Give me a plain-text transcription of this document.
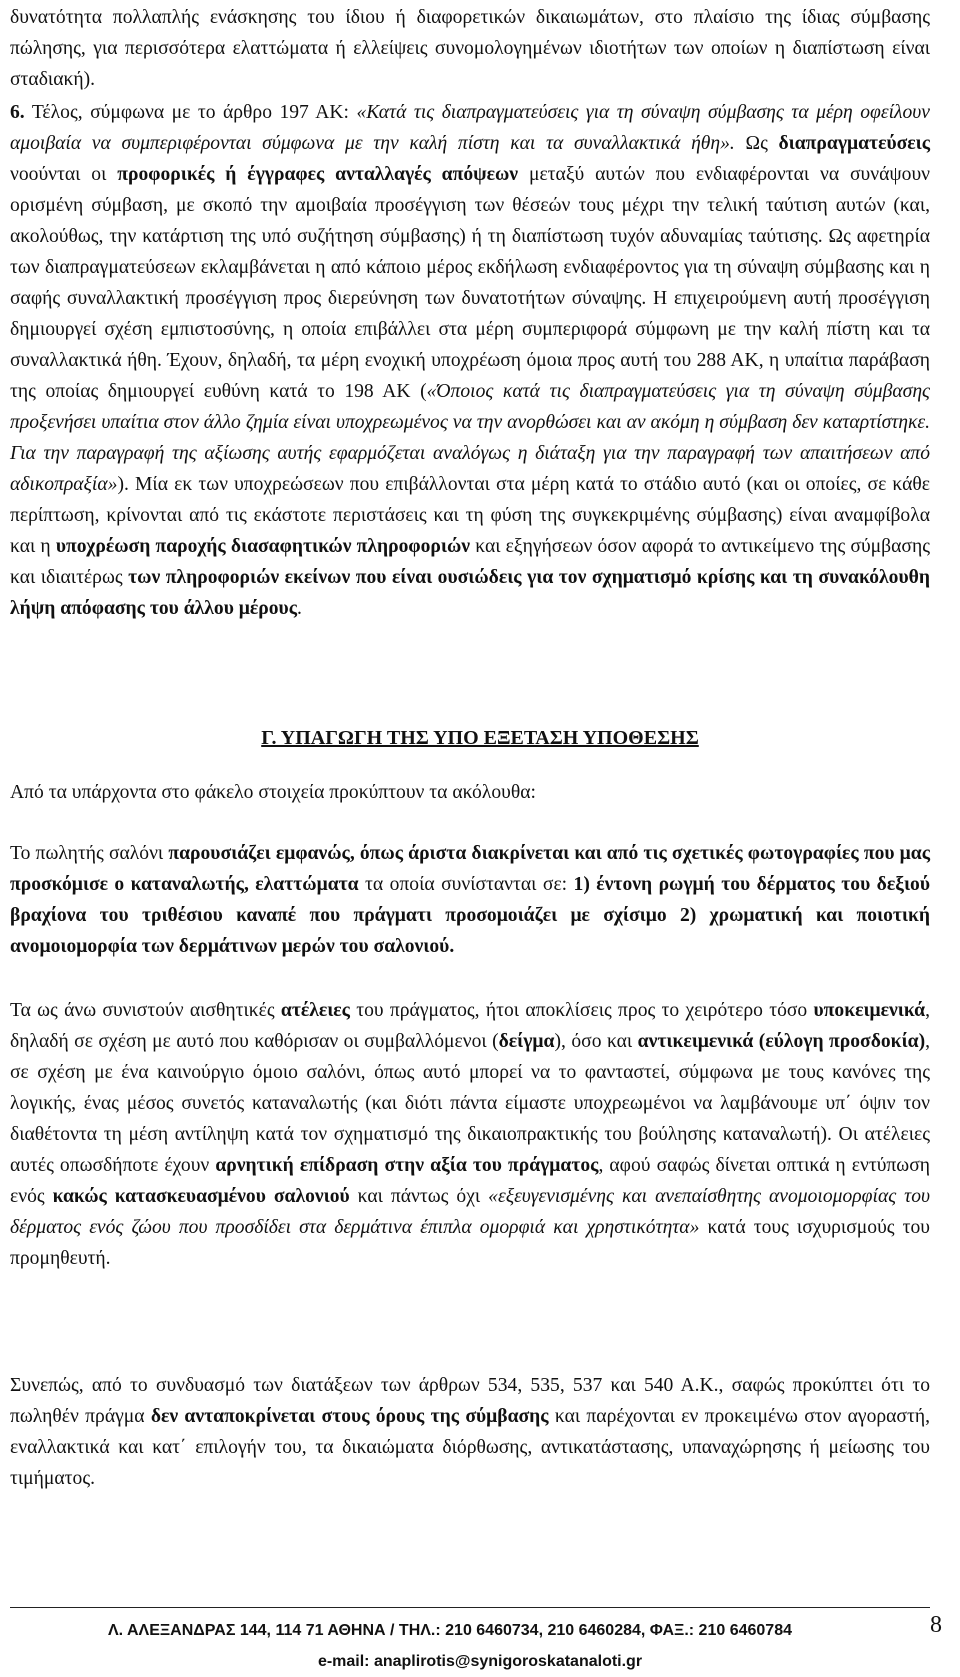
δυνατότητα πολλαπλής ενάσκησης του ίδιου ή διαφορετικών δικαιωμάτων, στο πλαίσιο της ίδιας σύμβασης πώλησης, για περισσότερα ελαττώματα ή ελλείψεις συνομολογημένων ιδιοτήτων των οποίων η διαπίστωση είναι σταδιακή).

6. Τέλος, σύμφωνα με το άρθρο 197 ΑΚ: «Κατά τις διαπραγματεύσεις για τη σύναψη σύμβασης τα μέρη οφείλουν αμοιβαία να συμπεριφέρονται σύμφωνα με την καλή πίστη και τα συναλλακτικά ήθη». Ως διαπραγματεύσεις νοούνται οι προφορικές ή έγγραφες ανταλλαγές απόψεων μεταξύ αυτών που ενδιαφέρονται να συνάψουν ορισμένη σύμβαση, με σκοπό την αμοιβαία προσέγγιση των θέσεών τους μέχρι την τελική ταύτιση αυτών (και, ακολούθως, την κατάρτιση της υπό συζήτηση σύμβασης) ή τη διαπίστωση τυχόν αδυναμίας ταύτισης. Ως αφετηρία των διαπραγματεύσεων εκλαμβάνεται η από κάποιο μέρος εκδήλωση ενδιαφέροντος για τη σύναψη σύμβασης και η σαφής συναλλακτική προσέγγιση προς διερεύνηση των δυνατοτήτων σύναψης. Η επιχειρούμενη αυτή προσέγγιση δημιουργεί σχέση εμπιστοσύνης, η οποία επιβάλλει στα μέρη συμπεριφορά σύμφωνη με την καλή πίστη και τα συναλλακτικά ήθη. Έχουν, δηλαδή, τα μέρη ενοχική υποχρέωση όμοια προς αυτή του 288 ΑΚ, η υπαίτια παράβαση της οποίας δημιουργεί ευθύνη κατά το 198 ΑΚ («Όποιος κατά τις διαπραγματεύσεις για τη σύναψη σύμβασης προξενήσει υπαίτια στον άλλο ζημία είναι υποχρεωμένος να την ανορθώσει και αν ακόμη η σύμβαση δεν καταρτίστηκε. Για την παραγραφή της αξίωσης αυτής εφαρμόζεται αναλόγως η διάταξη για την παραγραφή των απαιτήσεων από αδικοπραξία»). Μία εκ των υποχρεώσεων που επιβάλλονται στα μέρη κατά το στάδιο αυτό (και οι οποίες, σε κάθε περίπτωση, κρίνονται από τις εκάστοτε περιστάσεις και τη φύση της συγκεκριμένης σύμβασης) είναι αναμφίβολα και η υποχρέωση παροχής διασαφητικών πληροφοριών και εξηγήσεων όσον αφορά το αντικείμενο της σύμβασης και ιδιαιτέρως των πληροφοριών εκείνων που είναι ουσιώδεις για τον σχηματισμό κρίσης και τη συνακόλουθη λήψη απόφασης του άλλου μέρους.

Γ. ΥΠΑΓΩΓΗ ΤΗΣ ΥΠΟ ΕΞΕΤΑΣΗ ΥΠΟΘΕΣΗΣ

Από τα υπάρχοντα στο φάκελο στοιχεία προκύπτουν τα ακόλουθα:

Το πωλητής σαλόνι παρουσιάζει εμφανώς, όπως άριστα διακρίνεται και από τις σχετικές φωτογραφίες που μας προσκόμισε ο καταναλωτής, ελαττώματα τα οποία συνίστανται σε: 1) έντονη ρωγμή του δέρματος του δεξιού βραχίονα του τριθέσιου καναπέ που πράγματι προσομοιάζει με σχίσιμο 2) χρωματική και ποιοτική ανομοιομορφία των δερμάτινων μερών του σαλονιού.

Τα ως άνω συνιστούν αισθητικές ατέλειες του πράγματος, ήτοι αποκλίσεις προς το χειρότερο τόσο υποκειμενικά, δηλαδή σε σχέση με αυτό που καθόρισαν οι συμβαλλόμενοι (δείγμα), όσο και αντικειμενικά (εύλογη προσδοκία), σε σχέση με ένα καινούργιο όμοιο σαλόνι, όπως αυτό μπορεί να το φανταστεί, σύμφωνα με τους κανόνες της λογικής, ένας μέσος συνετός καταναλωτής (και διότι πάντα είμαστε υποχρεωμένοι να λαμβάνουμε υπ΄ όψιν τον διαθέτοντα τη μέση αντίληψη κατά τον σχηματισμό της δικαιοπρακτικής του βούλησης καταναλωτή). Οι ατέλειες αυτές οπωσδήποτε έχουν αρνητική επίδραση στην αξία του πράγματος, αφού σαφώς δίνεται οπτικά η εντύπωση ενός κακώς κατασκευασμένου σαλονιού και πάντως όχι «εξευγενισμένης και ανεπαίσθητης ανομοιομορφίας του δέρματος ενός ζώου που προσδίδει στα δερμάτινα έπιπλα ομορφιά και χρηστικότητα» κατά τους ισχυρισμούς του προμηθευτή.

Συνεπώς, από το συνδυασμό των διατάξεων των άρθρων 534, 535, 537 και 540 Α.Κ., σαφώς προκύπτει ότι το πωληθέν πράγμα δεν ανταποκρίνεται στους όρους της σύμβασης και παρέχονται εν προκειμένω στον αγοραστή, εναλλακτικά και κατ΄ επιλογήν του, τα δικαιώματα διόρθωσης, αντικατάστασης, υπαναχώρησης ή μείωσης του τιμήματος.

Λ. ΑΛΕΞΑΝΔΡΑΣ 144, 114 71 ΑΘΗΝΑ / ΤΗΛ.: 210 6460734, 210 6460284, ΦΑΞ.: 210 6460784	8
e-mail: anaplirotis@synigoroskatanaloti.gr
